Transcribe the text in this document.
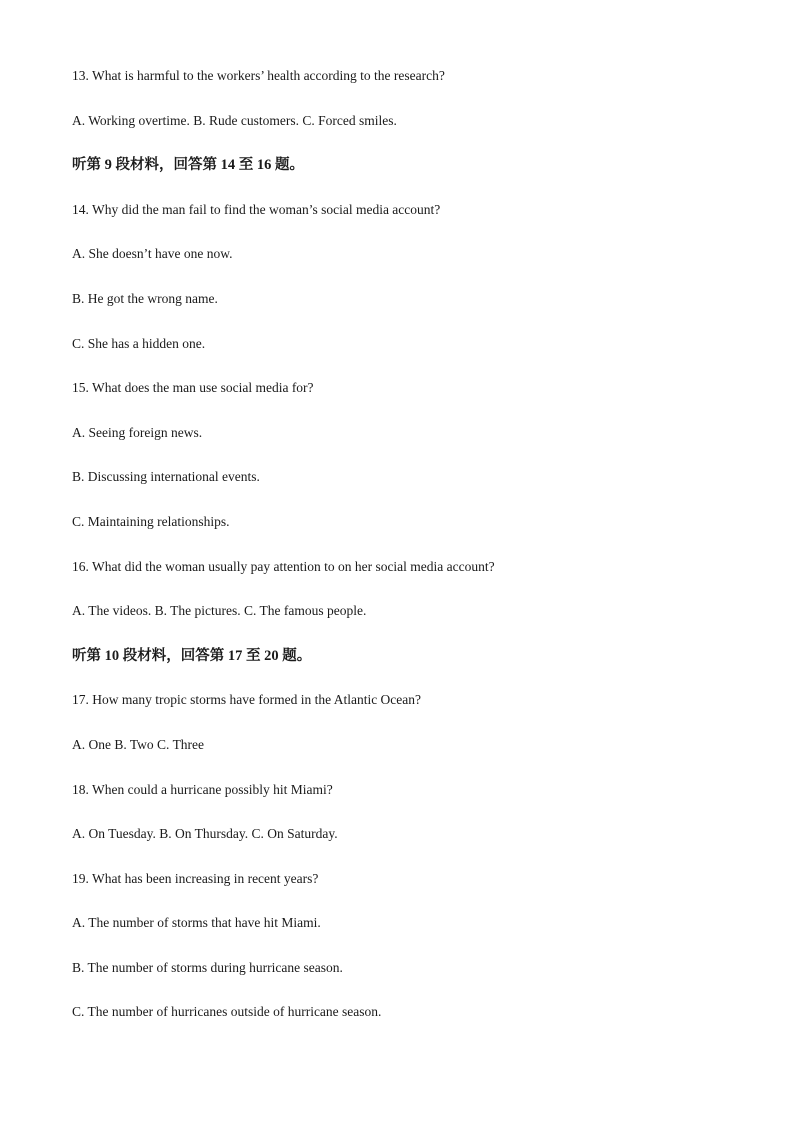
13. What is harmful to the workers’ health according to the research?
A. Working overtime. B. Rude customers. C. Forced smiles.
听第 9 段材料，回答第 14 至 16 题。
14. Why did the man fail to find the woman’s social media account?
A. She doesn’t have one now.
B. He got the wrong name.
C. She has a hidden one.
15. What does the man use social media for?
A. Seeing foreign news.
B. Discussing international events.
C. Maintaining relationships.
16. What did the woman usually pay attention to on her social media account?
A. The videos. B. The pictures. C. The famous people.
听第 10 段材料，回答第 17 至 20 题。
17. How many tropic storms have formed in the Atlantic Ocean?
A. One B. Two C. Three
18. When could a hurricane possibly hit Miami?
A. On Tuesday. B. On Thursday. C. On Saturday.
19. What has been increasing in recent years?
A. The number of storms that have hit Miami.
B. The number of storms during hurricane season.
C. The number of hurricanes outside of hurricane season.
